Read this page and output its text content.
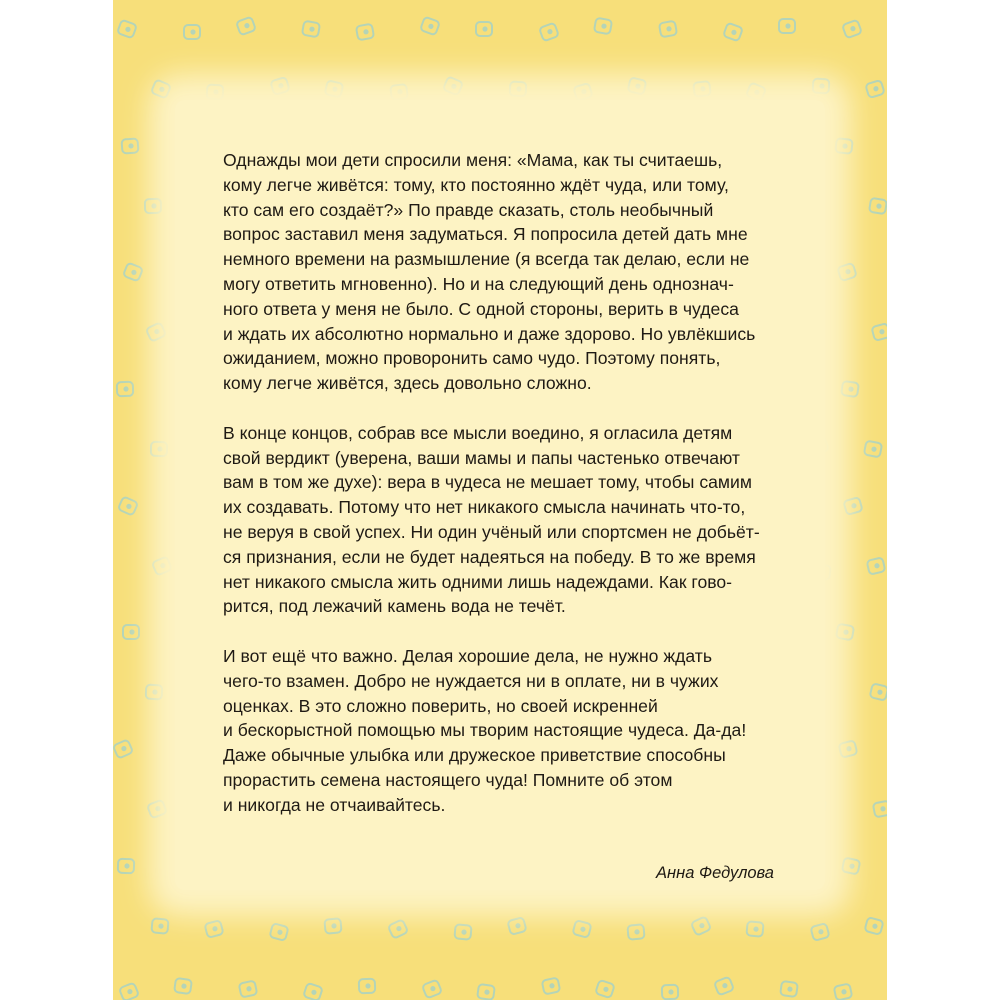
Однажды мои дети спросили меня: «Мама, как ты считаешь,
кому легче живётся: тому, кто постоянно ждёт чуда, или тому,
кто сам его создаёт?» По правде сказать, столь необычный
вопрос заставил меня задуматься. Я попросила детей дать мне
немного времени на размышление (я всегда так делаю, если не
могу ответить мгновенно). Но и на следующий день однознач-
ного ответа у меня не было. С одной стороны, верить в чудеса
и ждать их абсолютно нормально и даже здорово. Но увлёкшись
ожиданием, можно проворонить само чудо. Поэтому понять,
кому легче живётся, здесь довольно сложно.

В конце концов, собрав все мысли воедино, я огласила детям
свой вердикт (уверена, ваши мамы и папы частенько отвечают
вам в том же духе): вера в чудеса не мешает тому, чтобы самим
их создавать. Потому что нет никакого смысла начинать что-то,
не веруя в свой успех. Ни один учёный или спортсмен не добьёт-
ся признания, если не будет надеяться на победу. В то же время
нет никакого смысла жить одними лишь надеждами. Как гово-
рится, под лежачий камень вода не течёт.

И вот ещё что важно. Делая хорошие дела, не нужно ждать
чего-то взамен. Добро не нуждается ни в оплате, ни в чужих
оценках. В это сложно поверить, но своей искренней
и бескорыстной помощью мы творим настоящие чудеса. Да-да!
Даже обычные улыбка или дружеское приветствие способны
прорастить семена настоящего чуда! Помните об этом
и никогда не отчаивайтесь.

Анна Федулова
